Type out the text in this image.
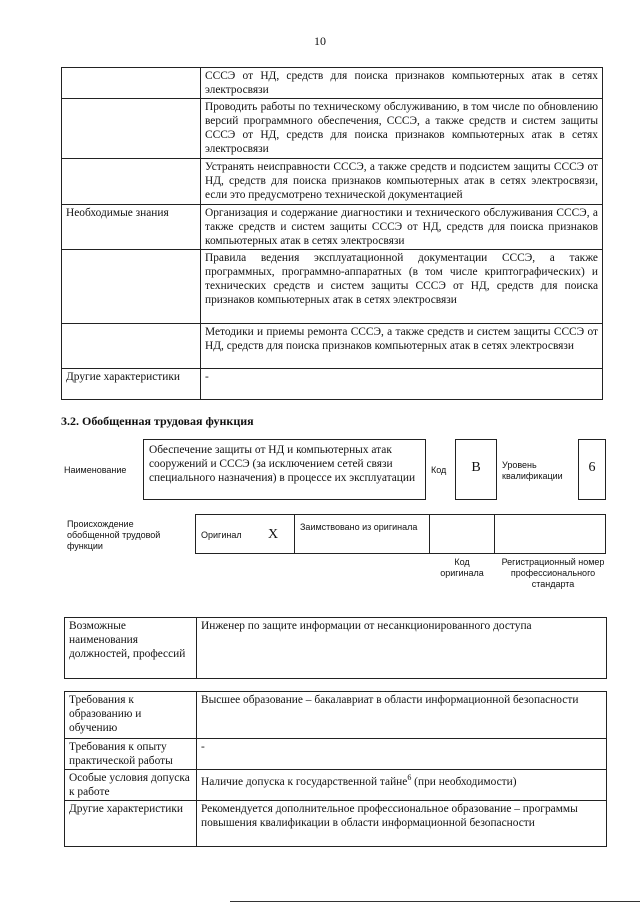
10
	СССЭ от НД, средств для поиска признаков компьютерных атак в сетях электросвязи
	Проводить работы по техническому обслуживанию, в том числе по обновлению версий программного обеспечения, СССЭ, а также средств и систем защиты СССЭ от НД, средств для поиска признаков компьютерных атак в сетях электросвязи
	Устранять неисправности СССЭ, а также средств и подсистем защиты СССЭ от НД, средств для поиска признаков компьютерных атак в сетях электросвязи, если это предусмотрено технической документацией
Необходимые знания	Организация и содержание диагностики и технического обслуживания СССЭ, а также средств и систем защиты СССЭ от НД, средств для поиска признаков компьютерных атак в сетях электросвязи
	Правила ведения эксплуатационной документации СССЭ, а также программных, программно-аппаратных (в том числе криптографических) и технических средств и систем защиты СССЭ от НД, средств для поиска признаков компьютерных атак в сетях электросвязи
	Методики и приемы ремонта СССЭ, а также средств и систем защиты СССЭ от НД, средств для поиска признаков компьютерных атак в сетях электросвязи
Другие характеристики	-
3.2. Обобщенная трудовая функция
Наименование
Обеспечение защиты от НД и компьютерных атак сооружений и СССЭ (за исключением сетей связи специального назначения) в процессе их эксплуатации
Код	B	Уровень квалификации
6
Происхождение обобщенной трудовой функции
Оригинал X Заимствовано из оригинала
Код оригинала
Регистрационный номер профессионального стандарта
Возможные наименования должностей, профессий	Инженер по защите информации от несанкционированного доступа
Требования к образованию и обучению	Высшее образование – бакалавриат в области информационной безопасности
Требования к опыту практической работы	-
Особые условия допуска к работе	Наличие допуска к государственной тайне$^6$ (при необходимости)
Другие характеристики	Рекомендуется дополнительное профессиональное образование – программы повышения квалификации в области информационной безопасности
